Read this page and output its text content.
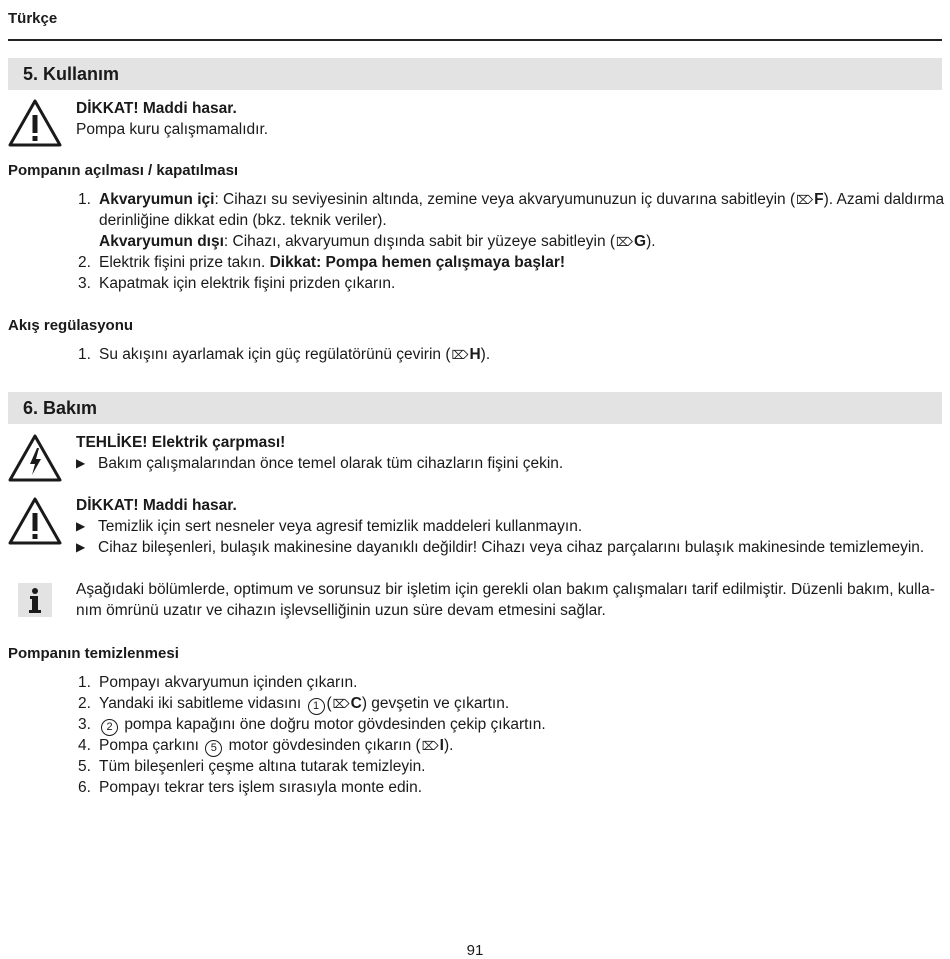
Türkçe
5. Kullanım
DİKKAT! Maddi hasar.
Pompa kuru çalışmamalıdır.
Pompanın açılması / kapatılması
1. Akvaryumun içi: Cihazı su seviyesinin altında, zemine veya akvaryumunuzun iç duvarına sabitleyin (⌦F). Azami daldırma
derinliğine dikkat edin (bkz. teknik veriler).
Akvaryumun dışı: Cihazı, akvaryumun dışında sabit bir yüzeye sabitleyin (⌦G).
2. Elektrik fişini prize takın. Dikkat: Pompa hemen çalışmaya başlar!
3. Kapatmak için elektrik fişini prizden çıkarın.
Akış regülasyonu
1. Su akışını ayarlamak için güç regülatörünü çevirin (⌦H).
6. Bakım
TEHLİKE! Elektrik çarpması!
▶ Bakım çalışmalarından önce temel olarak tüm cihazların fişini çekin.
DİKKAT! Maddi hasar.
▶ Temizlik için sert nesneler veya agresif temizlik maddeleri kullanmayın.
▶ Cihaz bileşenleri, bulaşık makinesine dayanıklı değildir! Cihazı veya cihaz parçalarını bulaşık makinesinde temizlemeyin.
Aşağıdaki bölümlerde, optimum ve sorunsuz bir işletim için gerekli olan bakım çalışmaları tarif edilmiştir. Düzenli bakım, kulla-
nım ömrünü uzatır ve cihazın işlevselliğinin uzun süre devam etmesini sağlar.
Pompanın temizlenmesi
1. Pompayı akvaryumun içinden çıkarın.
2. Yandaki iki sabitleme vidasını 1 (⌦C) gevşetin ve çıkartın.
3. 2 pompa kapağını öne doğru motor gövdesinden çekip çıkartın.
4. Pompa çarkını 5 motor gövdesinden çıkarın (⌦I).
5. Tüm bileşenleri çeşme altına tutarak temizleyin.
6. Pompayı tekrar ters işlem sırasıyla monte edin.
91
